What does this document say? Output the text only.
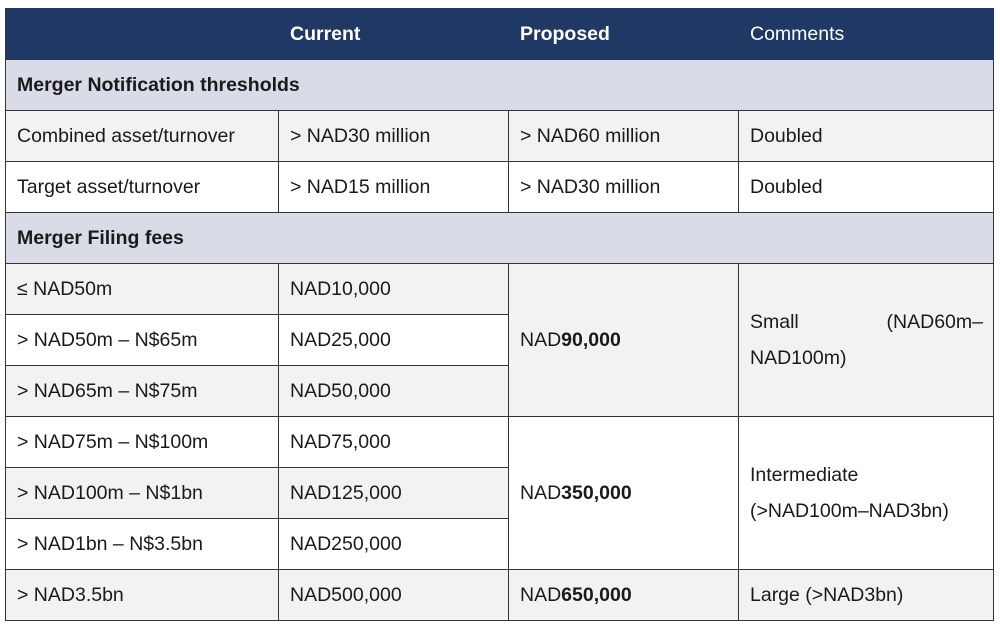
	Current	Proposed	Comments
Merger Notification thresholds			
Combined asset/turnover	> NAD30 million	> NAD60 million	Doubled
Target asset/turnover	> NAD15 million	> NAD30 million	Doubled
Merger Filing fees			
≤ NAD50m	NAD10,000	NAD90,000	Small (NAD60m–
NAD100m)

> NAD50m – N$65m	NAD25,000		
> NAD65m – N$75m	NAD50,000		
> NAD75m – N$100m	NAD75,000	NAD350,000	Intermediate
(>NAD100m–NAD3bn)

> NAD100m – N$1bn	NAD125,000		
> NAD1bn – N$3.5bn	NAD250,000		
> NAD3.5bn	NAD500,000	NAD650,000	Large (>NAD3bn)
